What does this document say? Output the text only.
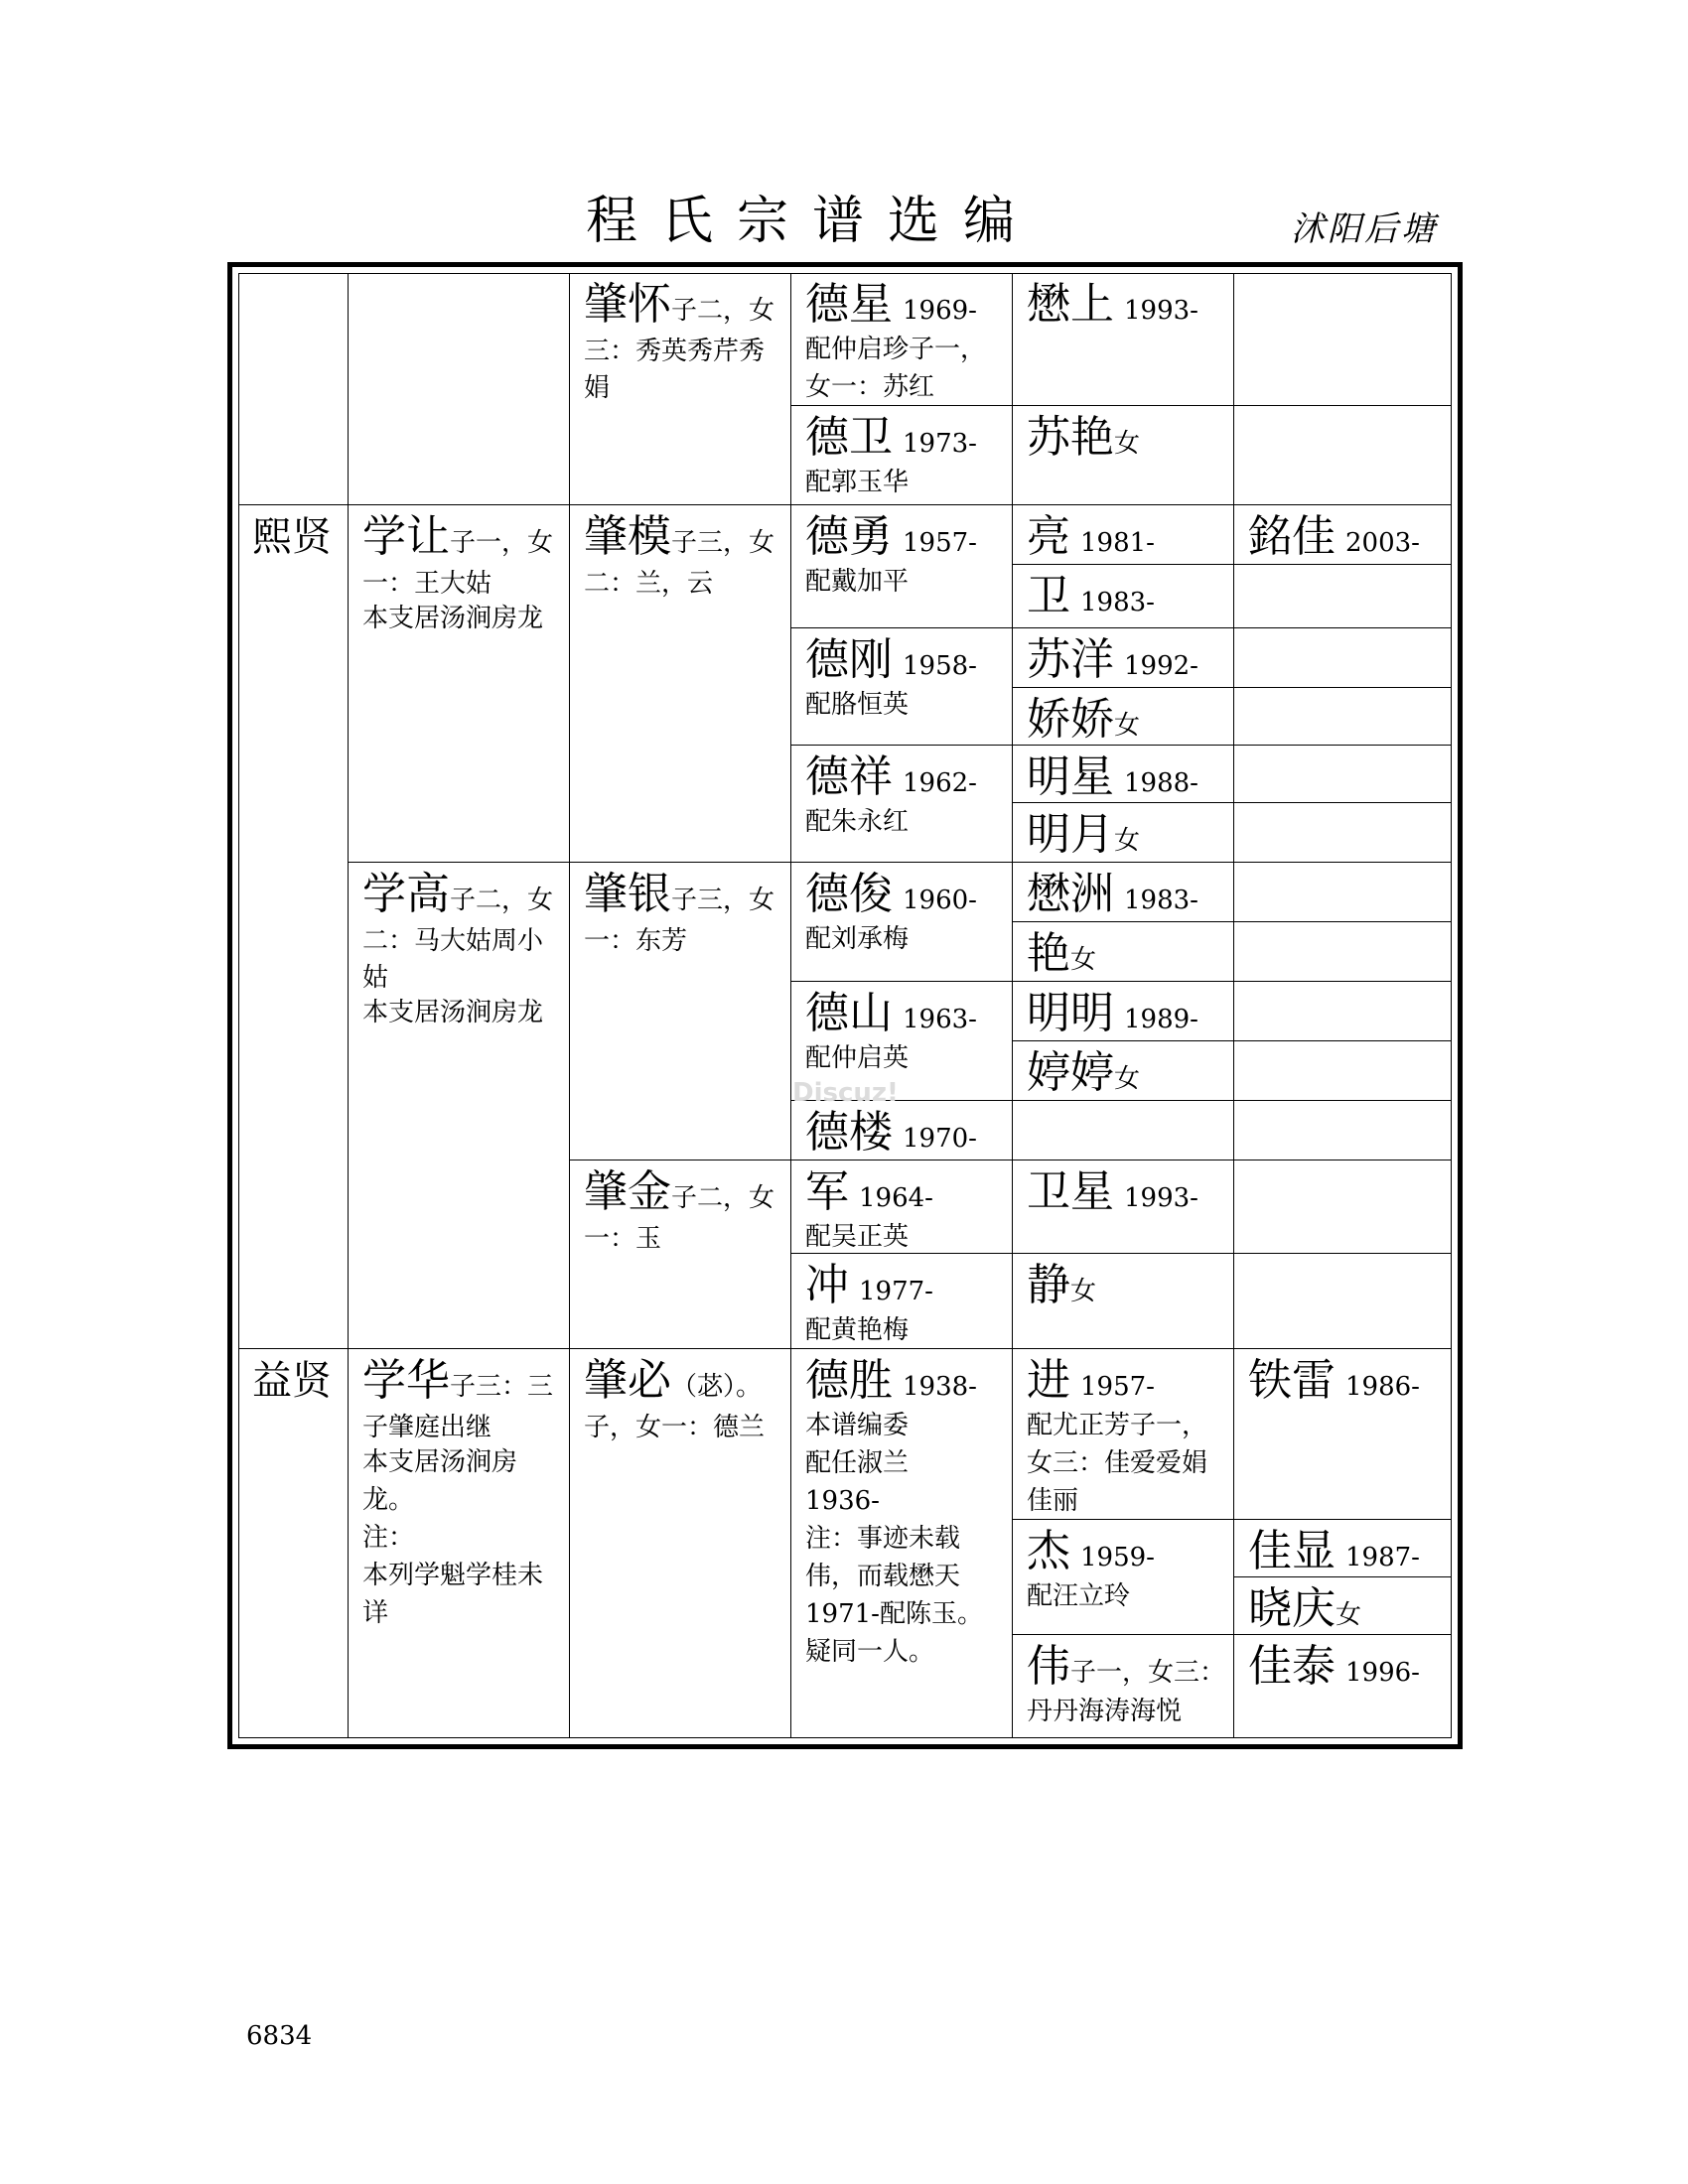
程氏宗谱选编	沭阳后塘
熙贤
益贤
学让子一，女一：王大姑
本支居汤涧房龙
学高子二，女二：马大姑周小姑
本支居汤涧房龙
学华子三：三子肇庭出继
本支居汤涧房龙。
注：
本列学魁学桂未详
肇怀子二，女三：秀英秀芹秀娟
肇模子三，女二：兰，云
肇银子三，女一：东芳
肇金子二，女一：玉
肇必（苾）。子，女一：德兰
德星 1969-
配仲启珍子一，女一：苏红
德卫 1973-
配郭玉华
德勇 1957-
配戴加平
德刚 1958-
配胳恒英
德祥 1962-
配朱永红
德俊 1960-
配刘承梅
德山 1963-
配仲启英
德楼 1970-
军 1964-
配吴正英
冲 1977-
配黄艳梅
德胜 1938-
本谱编委
配任淑兰
1936-
注：事迹未载伟，而载懋天1971-配陈玉。疑同一人。
懋上 1993-
苏艳女
亮 1981-
卫 1983-
苏洋 1992-
娇娇女
明星 1988-
明月女
懋洲 1983-
艳女
明明 1989-
婷婷女
卫星 1993-
静女
进 1957-
配尤正芳子一，女三：佳爱爱娟佳丽
杰 1959-
配汪立玲
伟子一，女三：
丹丹海涛海悦
銘佳 2003-
铁雷 1986-
佳显 1987-
晓庆女
佳泰 1996-
Discuz!
6834
